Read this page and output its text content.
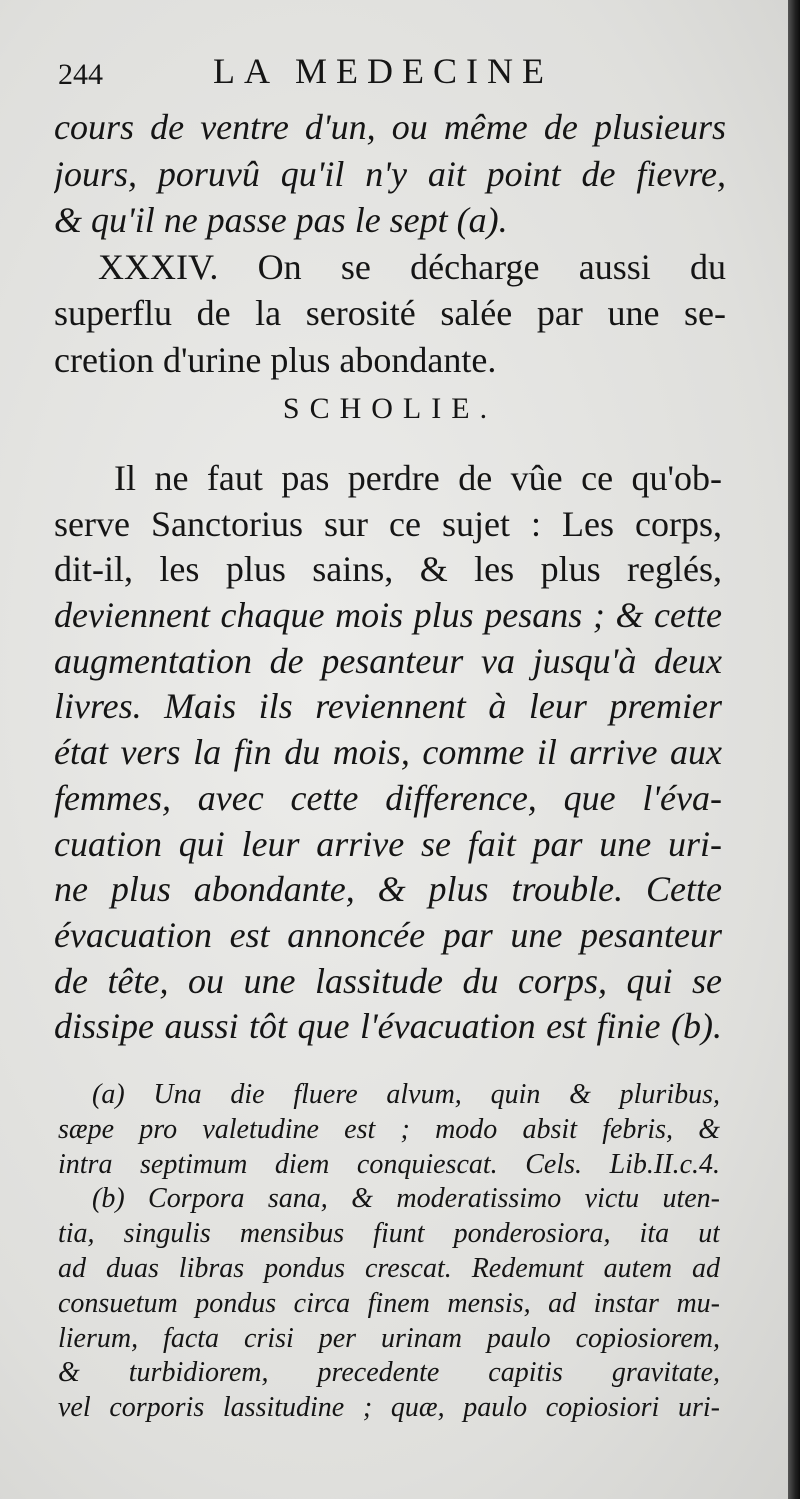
244	LA MEDECINE
cours de ventre d'un, ou même de plusieurs
jours, poruvû qu'il n'y ait point de fievre,
& qu'il ne passe pas le sept (a).
XXXIV. On se décharge aussi du
superflu de la serosité salée par une se-
cretion d'urine plus abondante.
SCHOLIE.
Il ne faut pas perdre de vûe ce qu'ob-
serve Sanctorius sur ce sujet : Les corps,
dit-il, les plus sains, & les plus reglés,
deviennent chaque mois plus pesans ; & cette
augmentation de pesanteur va jusqu'à deux
livres. Mais ils reviennent à leur premier
état vers la fin du mois, comme il arrive aux
femmes, avec cette difference, que l'éva-
cuation qui leur arrive se fait par une uri-
ne plus abondante, & plus trouble. Cette
évacuation est annoncée par une pesanteur
de tête, ou une lassitude du corps, qui se
dissipe aussi tôt que l'évacuation est finie (b).
(a) Una die fluere alvum, quin & pluribus,
sæpe pro valetudine est ; modo absit febris, &
intra septimum diem conquiescat. Cels. Lib.II.c.4.
(b) Corpora sana, & moderatissimo victu uten-
tia, singulis mensibus fiunt ponderosiora, ita ut
ad duas libras pondus crescat. Redemunt autem ad
consuetum pondus circa finem mensis, ad instar mu-
lierum, facta crisi per urinam paulo copiosiorem,
& turbidiorem, precedente capitis gravitate,
vel corporis lassitudine ; quæ, paulo copiosiori uri-
